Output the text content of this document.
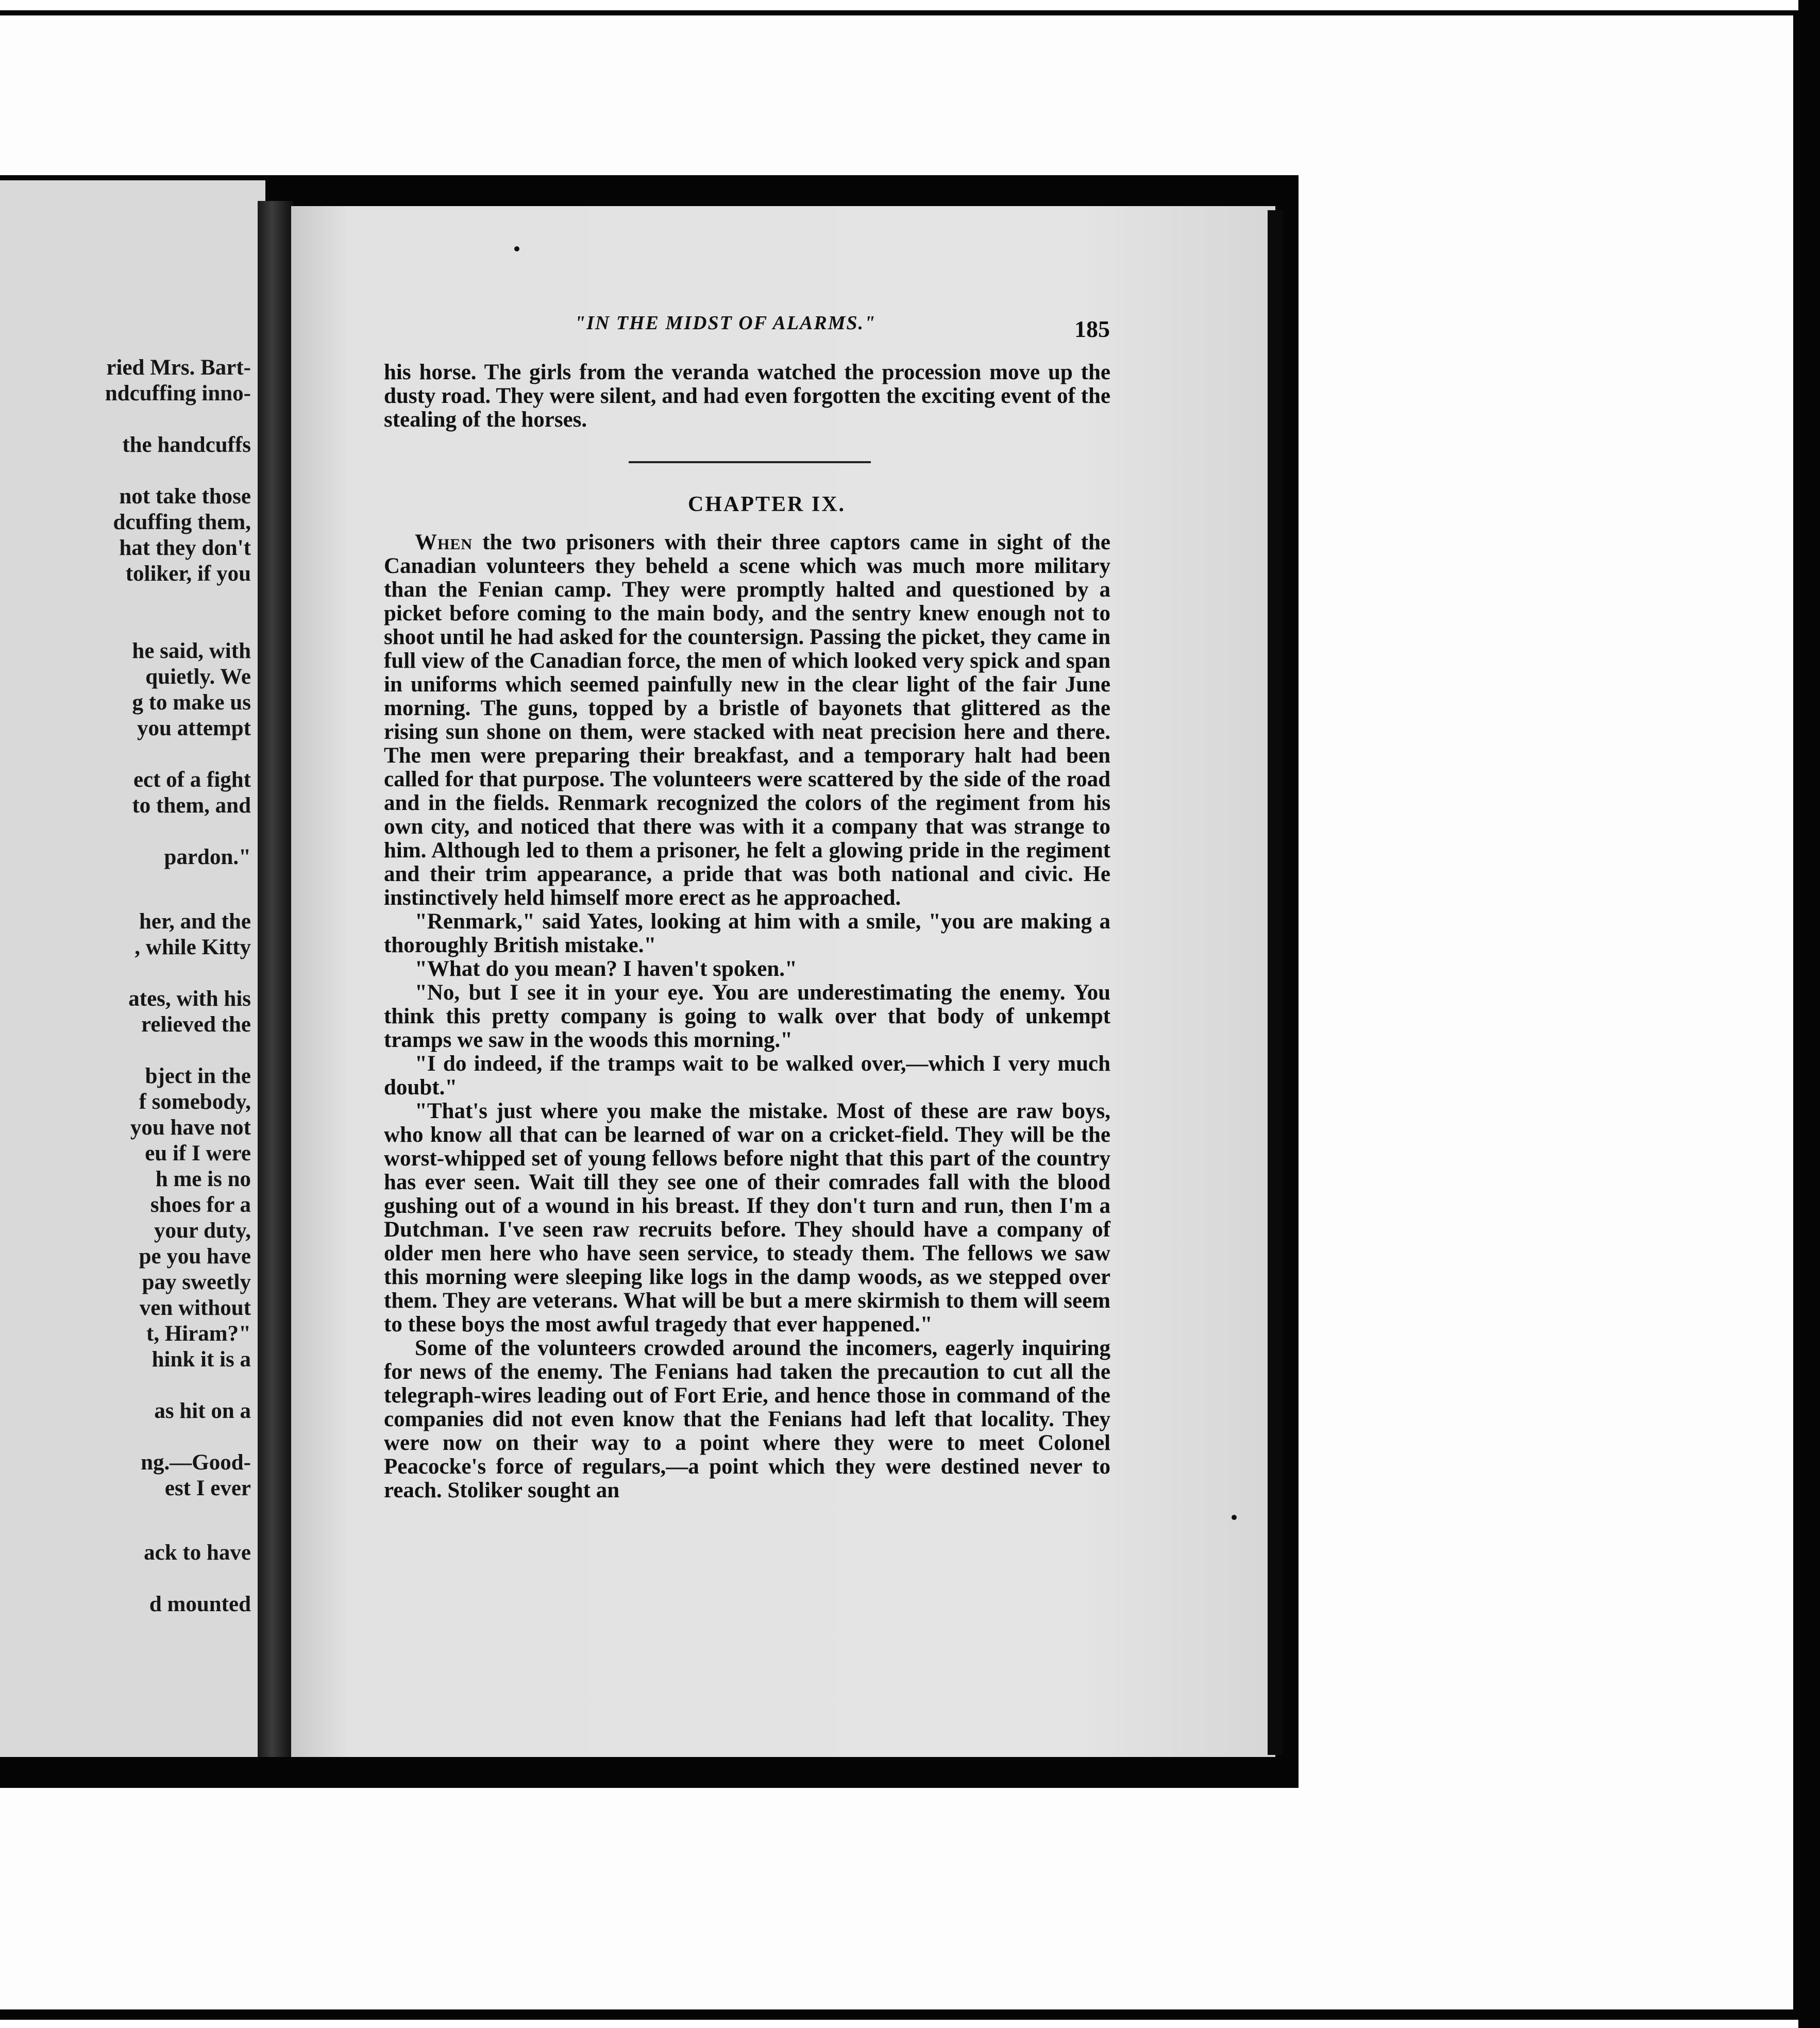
ried Mrs. Bart-
ndcuffing inno-
the handcuffs
not take those
dcuffing them,
hat they don't
toliker, if you
he said, with
quietly. We
g to make us
you attempt
ect of a fight
to them, and
pardon."
her, and the
, while Kitty
ates, with his
relieved the
bject in the
f somebody,
you have not
eu if I were
h me is no
shoes for a
your duty,
pe you have
pay sweetly
ven without
t, Hiram?"
hink it is a
as hit on a
ng.—Good-
est I ever
ack to have
d mounted
"IN THE MIDST OF ALARMS."	185

his horse. The girls from the veranda watched the procession move up the dusty road. They were silent, and had even forgotten the exciting event of the stealing of the horses.

CHAPTER IX.

When the two prisoners with their three captors came in sight of the Canadian volunteers they beheld a scene which was much more military than the Fenian camp. They were promptly halted and questioned by a picket before coming to the main body, and the sentry knew enough not to shoot until he had asked for the countersign. Passing the picket, they came in full view of the Canadian force, the men of which looked very spick and span in uniforms which seemed painfully new in the clear light of the fair June morning. The guns, topped by a bristle of bayonets that glittered as the rising sun shone on them, were stacked with neat precision here and there. The men were preparing their breakfast, and a temporary halt had been called for that purpose. The volunteers were scattered by the side of the road and in the fields. Renmark recognized the colors of the regiment from his own city, and noticed that there was with it a company that was strange to him. Although led to them a prisoner, he felt a glowing pride in the regiment and their trim appearance, a pride that was both national and civic. He instinctively held himself more erect as he approached.

"Renmark," said Yates, looking at him with a smile, "you are making a thoroughly British mistake."

"What do you mean? I haven't spoken."

"No, but I see it in your eye. You are underestimating the enemy. You think this pretty company is going to walk over that body of unkempt tramps we saw in the woods this morning."

"I do indeed, if the tramps wait to be walked over,—which I very much doubt."

"That's just where you make the mistake. Most of these are raw boys, who know all that can be learned of war on a cricket-field. They will be the worst-whipped set of young fellows before night that this part of the country has ever seen. Wait till they see one of their comrades fall with the blood gushing out of a wound in his breast. If they don't turn and run, then I'm a Dutchman. I've seen raw recruits before. They should have a company of older men here who have seen service, to steady them. The fellows we saw this morning were sleeping like logs in the damp woods, as we stepped over them. They are veterans. What will be but a mere skirmish to them will seem to these boys the most awful tragedy that ever happened."

Some of the volunteers crowded around the incomers, eagerly inquiring for news of the enemy. The Fenians had taken the precaution to cut all the telegraph-wires leading out of Fort Erie, and hence those in command of the companies did not even know that the Fenians had left that locality. They were now on their way to a point where they were to meet Colonel Peacocke's force of regulars,—a point which they were destined never to reach. Stoliker sought an
